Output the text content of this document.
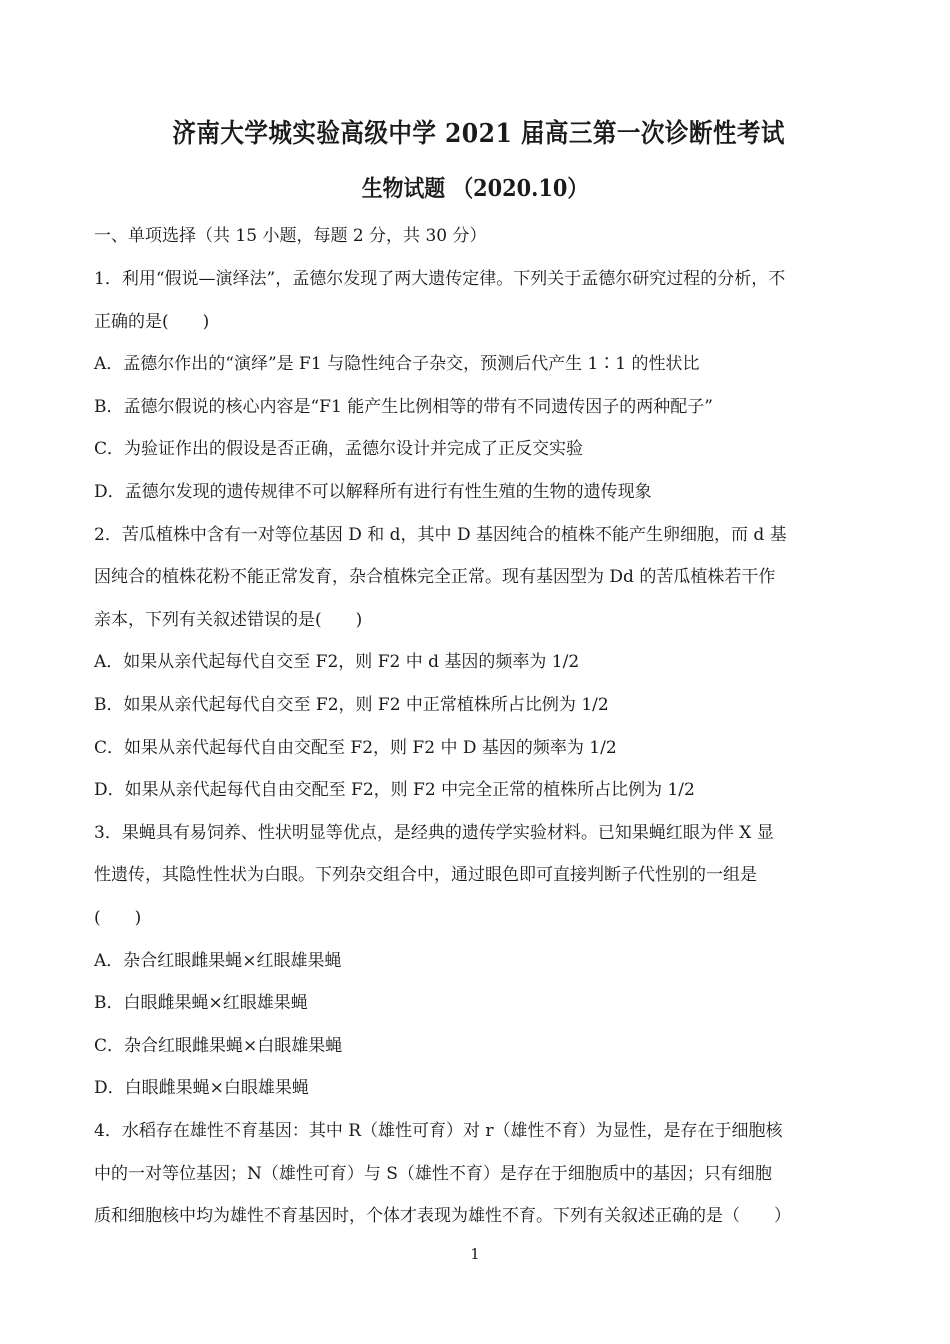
济南大学城实验高级中学 2021 届高三第一次诊断性考试
生物试题 （2020.10）
一、单项选择（共 15 小题，每题 2 分，共 30 分）
1．利用“假说—演绎法”，孟德尔发现了两大遗传定律。下列关于孟德尔研究过程的分析，不
正确的是(　　)
A．孟德尔作出的“演绎”是 F1 与隐性纯合子杂交，预测后代产生 1∶1 的性状比
B．孟德尔假说的核心内容是“F1 能产生比例相等的带有不同遗传因子的两种配子”
C．为验证作出的假设是否正确，孟德尔设计并完成了正反交实验
D．孟德尔发现的遗传规律不可以解释所有进行有性生殖的生物的遗传现象
2．苦瓜植株中含有一对等位基因 D 和 d，其中 D 基因纯合的植株不能产生卵细胞，而 d 基
因纯合的植株花粉不能正常发育，杂合植株完全正常。现有基因型为 Dd 的苦瓜植株若干作
亲本，下列有关叙述错误的是(　　)
A．如果从亲代起每代自交至 F2，则 F2 中 d 基因的频率为 1/2
B．如果从亲代起每代自交至 F2，则 F2 中正常植株所占比例为 1/2
C．如果从亲代起每代自由交配至 F2，则 F2 中 D 基因的频率为 1/2
D．如果从亲代起每代自由交配至 F2，则 F2 中完全正常的植株所占比例为 1/2
3．果蝇具有易饲养、性状明显等优点，是经典的遗传学实验材料。已知果蝇红眼为伴 X 显
性遗传，其隐性性状为白眼。下列杂交组合中，通过眼色即可直接判断子代性别的一组是
(　　)
A．杂合红眼雌果蝇×红眼雄果蝇
B．白眼雌果蝇×红眼雄果蝇
C．杂合红眼雌果蝇×白眼雄果蝇
D．白眼雌果蝇×白眼雄果蝇
4．水稻存在雄性不育基因：其中 R（雄性可育）对 r（雄性不育）为显性，是存在于细胞核
中的一对等位基因；N（雄性可育）与 S（雄性不育）是存在于细胞质中的基因；只有细胞
质和细胞核中均为雄性不育基因时，个体才表现为雄性不育。下列有关叙述正确的是（　　）
1
